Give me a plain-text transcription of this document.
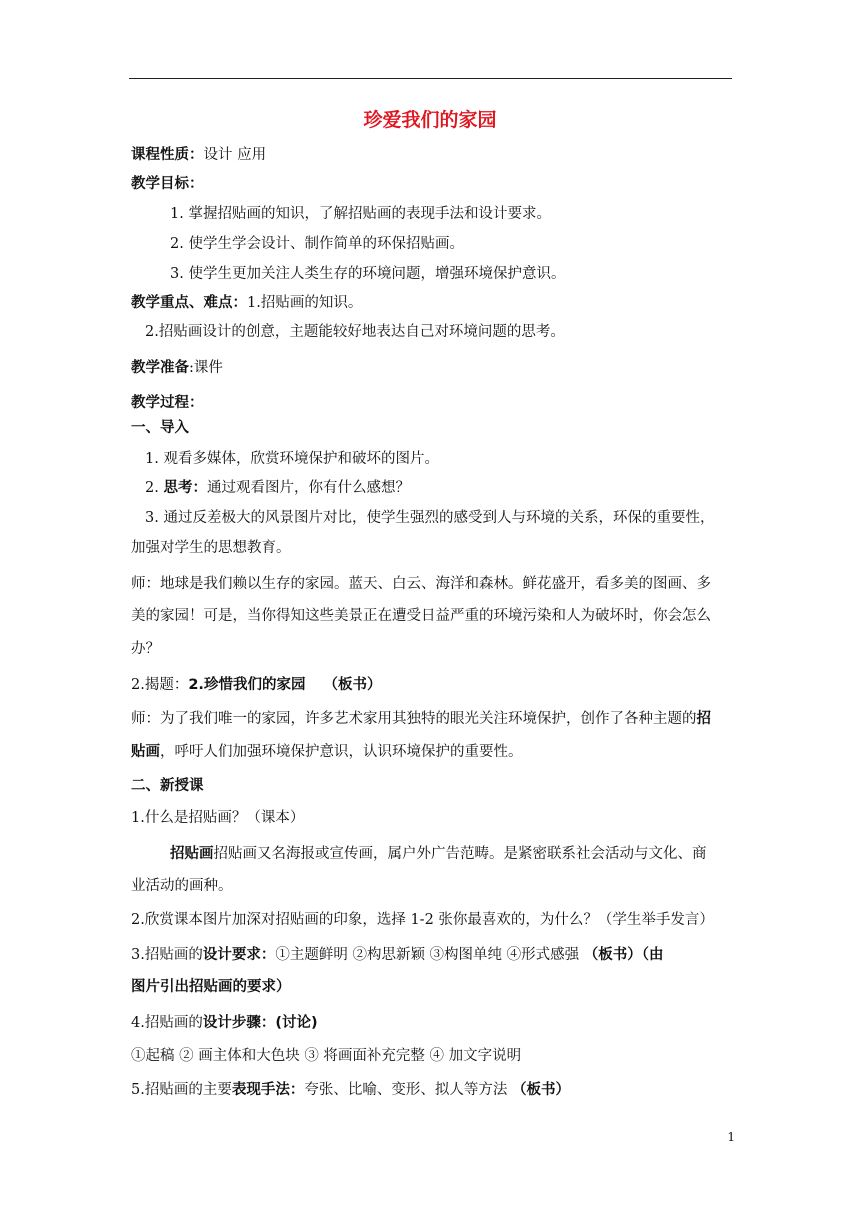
珍爱我们的家园
课程性质：设计 应用
教学目标：
1. 掌握招贴画的知识，了解招贴画的表现手法和设计要求。
2. 使学生学会设计、制作简单的环保招贴画。
3. 使学生更加关注人类生存的环境问题，增强环境保护意识。
教学重点、难点：1.招贴画的知识。
2.招贴画设计的创意，主题能较好地表达自己对环境问题的思考。
教学准备:课件
教学过程：
一、导入
1. 观看多媒体，欣赏环境保护和破坏的图片。
2. 思考：通过观看图片，你有什么感想？
3. 通过反差极大的风景图片对比，使学生强烈的感受到人与环境的关系，环保的重要性，
加强对学生的思想教育。
师：地球是我们赖以生存的家园。蓝天、白云、海洋和森林。鲜花盛开，看多美的图画、多
美的家园！可是，当你得知这些美景正在遭受日益严重的环境污染和人为破坏时，你会怎么
办？
2.揭题：2.珍惜我们的家园 （板书）
师：为了我们唯一的家园，许多艺术家用其独特的眼光关注环境保护，创作了各种主题的招
贴画，呼吁人们加强环境保护意识，认识环境保护的重要性。
二、新授课
1.什么是招贴画？（课本）
招贴画招贴画又名海报或宣传画，属户外广告范畴。是紧密联系社会活动与文化、商
业活动的画种。
2.欣赏课本图片加深对招贴画的印象，选择 1-2 张你最喜欢的，为什么？（学生举手发言）
3.招贴画的设计要求：①主题鲜明 ②构思新颖 ③构图单纯 ④形式感强 （板书）（由
图片引出招贴画的要求）
4.招贴画的设计步骤：(讨论)
①起稿 ② 画主体和大色块 ③ 将画面补充完整 ④ 加文字说明
5.招贴画的主要表现手法：夸张、比喻、变形、拟人等方法 （板书）
1
